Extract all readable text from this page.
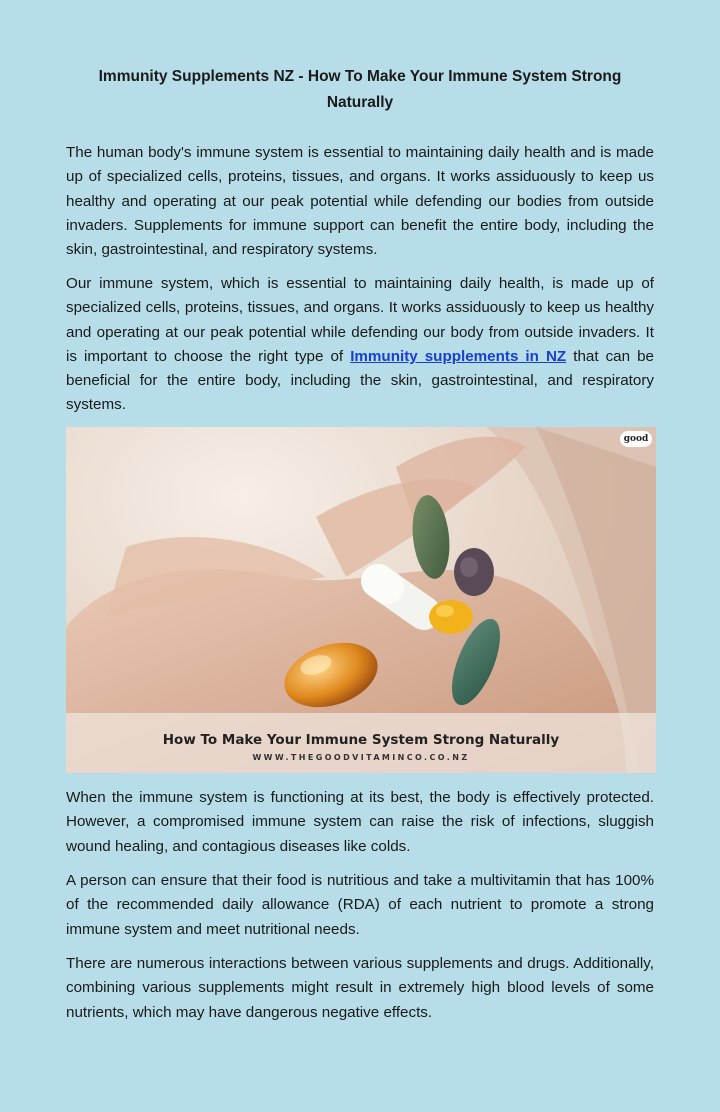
Immunity Supplements NZ - How To Make Your Immune System Strong Naturally

The human body's immune system is essential to maintaining daily health and is made up of specialized cells, proteins, tissues, and organs. It works assiduously to keep us healthy and operating at our peak potential while defending our bodies from outside invaders. Supplements for immune support can benefit the entire body, including the skin, gastrointestinal, and respiratory systems.

Our immune system, which is essential to maintaining daily health, is made up of specialized cells, proteins, tissues, and organs. It works assiduously to keep us healthy and operating at our peak potential while defending our body from outside invaders. It is important to choose the right type of Immunity supplements in NZ that can be beneficial for the entire body, including the skin, gastrointestinal, and respiratory systems.

good
How To Make Your Immune System Strong Naturally
WWW.THEGOODVITAMINCO.CO.NZ

When the immune system is functioning at its best, the body is effectively protected. However, a compromised immune system can raise the risk of infections, sluggish wound healing, and contagious diseases like colds.

A person can ensure that their food is nutritious and take a multivitamin that has 100% of the recommended daily allowance (RDA) of each nutrient to promote a strong immune system and meet nutritional needs.

There are numerous interactions between various supplements and drugs. Additionally, combining various supplements might result in extremely high blood levels of some nutrients, which may have dangerous negative effects.
